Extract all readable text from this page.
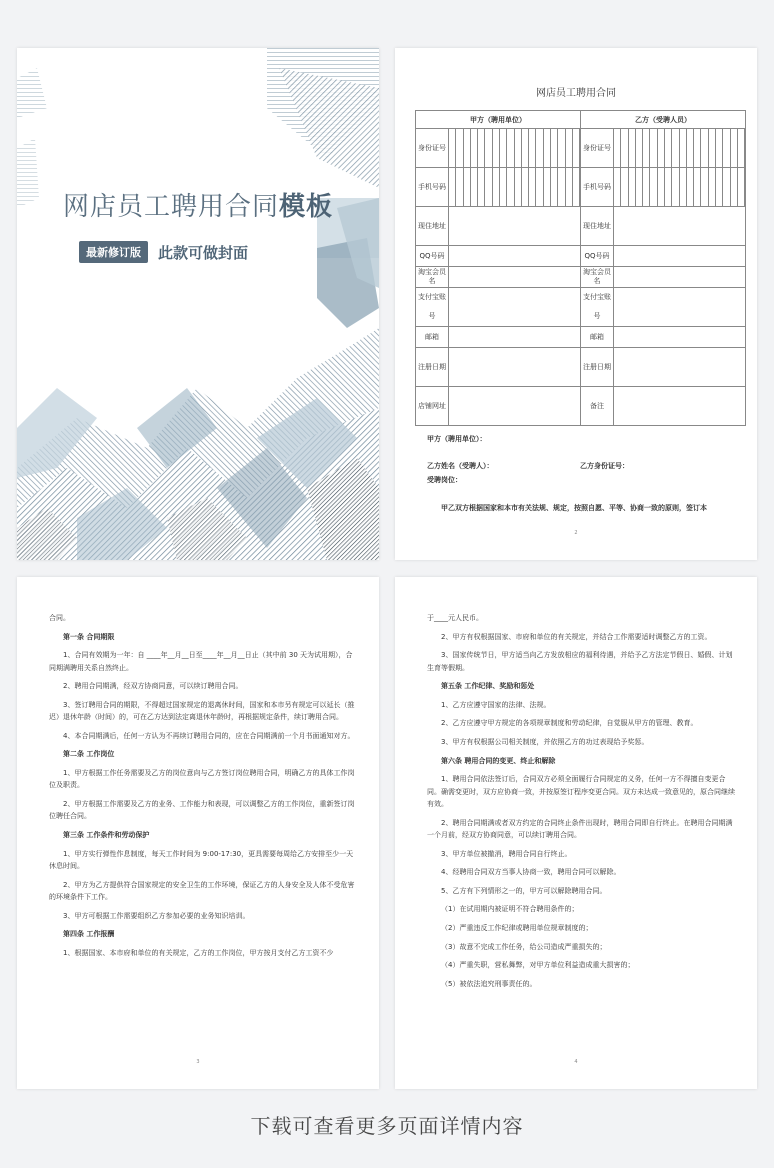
网店员工聘用合同模板
最新修订版	此款可做封面
网店员工聘用合同
甲方（聘用单位）		乙方（受聘人员）	
身份证号		身份证号	

手机号码		手机号码	

现住地址		现住地址	
QQ号码		QQ号码	
淘宝会员名		淘宝会员名	
支付宝账号		支付宝账号	
邮箱		邮箱	
注册日期		注册日期	
店铺网址		备注	
甲方（聘用单位）：
乙方姓名（受聘人）：	乙方身份证号：
受聘岗位：
甲乙双方根据国家和本市有关法规、规定，按照自愿、平等、协商一致的原则，签订本
2

合同。

第一条 合同期限

1、合同有效期为一年：自 ____年__月__日至____年__月__日止（其中前 30 天为试用期），合同期满聘用关系自然终止。

2、聘用合同期满，经双方协商同意，可以续订聘用合同。

3、签订聘用合同的期限，不得超过国家规定的退离休时间，国家和本市另有规定可以延长（推迟）退休年龄（时间）的，可在乙方达到法定离退休年龄时，再根据规定条件，续订聘用合同。

4、本合同期满后，任何一方认为不再续订聘用合同的，应在合同期满前一个月书面通知对方。

第二条 工作岗位

1、甲方根据工作任务需要及乙方的岗位意向与乙方签订岗位聘用合同，明确乙方的具体工作岗位及职责。

2、甲方根据工作需要及乙方的业务、工作能力和表现，可以调整乙方的工作岗位，重新签订岗位聘任合同。

第三条 工作条件和劳动保护

1、甲方实行弹性作息制度，每天工作时间为 9:00-17:30，更具需要每周给乙方安排至少一天休息时间。

2、甲方为乙方提供符合国家规定的安全卫生的工作环境，保证乙方的人身安全及人体不受危害的环境条件下工作。

3、甲方可根据工作需要组织乙方参加必要的业务知识培训。

第四条 工作报酬

1、根据国家、本市府和单位的有关规定，乙方的工作岗位，甲方按月支付乙方工资不少

3

于____元人民币。

2、甲方有权根据国家、市府和单位的有关规定，并结合工作需要适时调整乙方的工资。

3、国家传统节日，甲方适当向乙方发放相应的福利待遇，并给予乙方法定节假日、婚假、计划生育等假期。

第五条 工作纪律、奖励和惩处

1、乙方应遵守国家的法律、法规。

2、乙方应遵守甲方规定的各项规章制度和劳动纪律，自觉服从甲方的管理、教育。

3、甲方有权根据公司相关制度，并依照乙方的功过表现给予奖惩。

第六条 聘用合同的变更、终止和解除

1、聘用合同依法签订后，合同双方必须全面履行合同规定的义务，任何一方不得擅自变更合同。确需变更时，双方应协商一致，并按原签订程序变更合同。双方未达成一致意见的，原合同继续有效。

2、聘用合同期满或者双方约定的合同终止条件出现时，聘用合同即自行终止。在聘用合同期满一个月前，经双方协商同意，可以续订聘用合同。

3、甲方单位被撤消，聘用合同自行终止。

4、经聘用合同双方当事人协商一致，聘用合同可以解除。

5、乙方有下列情形之一的，甲方可以解除聘用合同。

（1）在试用期内被证明不符合聘用条件的；

（2）严重违反工作纪律或聘用单位规章制度的；

（3）故意不完成工作任务，给公司造成严重损失的；

（4）严重失职，营私舞弊，对甲方单位利益造成重大损害的；

（5）被依法追究刑事责任的。

4
下载可查看更多页面详情内容
